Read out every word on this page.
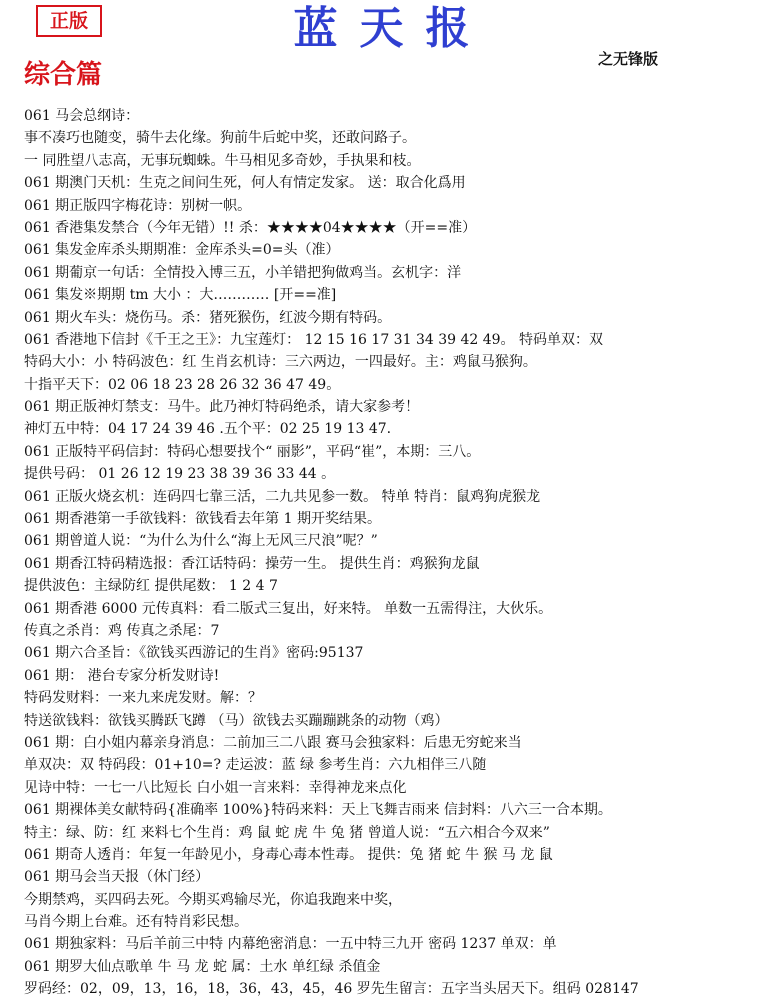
正版	蓝天报
之无锋版
综合篇
061 马会总纲诗：
事不凑巧也随变，骑牛去化缘。狗前牛后蛇中奖，还敢问路子。
一 同胜望八志高，无事玩蜘蛛。牛马相见多奇妙，手执果和枝。
061 期澳门天机：生克之间问生死，何人有情定发家。 送：取合化爲用
061 期正版四字梅花诗：别树一帜。
061 香港集发禁合（今年无错）!! 杀：★★★★04★★★★（开==准）
061 集发金库杀头期期准：金库杀头=0=头（准）
061 期葡京一句话：全情投入博三五，小羊错把狗做鸡当。玄机字：洋
061 集发※期期 tm 大小 ：大………… [开==准]
061 期火车头：烧伤马。杀：猪死猴伤，红波今期有特码。
061 香港地下信封《千王之王》：九宝莲灯： 12 15 16 17 31 34 39 42 49。 特码单双：双
特码大小：小 特码波色：红 生肖玄机诗：三六两边，一四最好。主：鸡鼠马猴狗。
十指平天下：02 06 18 23 28 26 32 36 47 49。
061 期正版神灯禁支：马牛。此乃神灯特码绝杀，请大家参考！
神灯五中特：04 17 24 39 46 .五个平：02 25 19 13 47.
061 正版特平码信封：特码心想要找个“ 丽影”，平码“崔”，本期：三八。
提供号码： 01 26 12 19 23 38 39 36 33 44 。
061 正版火烧玄机：连码四七靠三活，二九共见参一数。 特单 特肖：鼠鸡狗虎猴龙
061 期香港第一手欲钱料：欲钱看去年第 1 期开奖结果。
061 期曾道人说：“为什么为什么“海上无风三尺浪”呢？”
061 期香江特码精选报：香江话特码：操劳一生。 提供生肖：鸡猴狗龙鼠
提供波色：主绿防红 提供尾数： 1 2 4 7
061 期香港 6000 元传真料：看二版式三复出，好来特。 单数一五需得注，大伙乐。
传真之杀肖：鸡 传真之杀尾：7
061 期六合圣旨：《欲钱买西游记的生肖》密码:95137
061 期： 港台专家分析发财诗!
特码发财料：一来九来虎发财。解：？
特送欲钱料：欲钱买腾跃飞蹲 （马）欲钱去买蹦蹦跳条的动物（鸡）
061 期：白小姐内幕亲身消息：二前加三二八跟 赛马会独家料：后患无穷蛇来当
单双决：双 特码段：01+10=? 走运波：蓝 绿 参考生肖：六九相伴三八随
见诗中特：一七一八比短长 白小姐一言来料：幸得神龙来点化
061 期裸体美女献特码{准确率 100%}特码来料：天上飞舞吉雨来 信封料：八六三一合本期。
特主：绿、防：红 来料七个生肖：鸡 鼠 蛇 虎 牛 兔 猪 曾道人说：“五六相合今双来”
061 期奇人透肖：年复一年龄见小，身毒心毒本性毒。 提供：兔 猪 蛇 牛 猴 马 龙 鼠
061 期马会当天报（休门经）
今期禁鸡，买四码去死。今期买鸡输尽光，你追我跑来中奖，
马肖今期上台难。还有特肖彩民想。
061 期独家料：马后羊前三中特 内幕绝密消息：一五中特三九开 密码 1237 单双：单
061 期罗大仙点歌单 牛 马 龙 蛇 属：土水 单红绿 杀值金
罗码经：02，09，13，16，18，36，43，45，46 罗先生留言：五字当头居天下。组码 028147
